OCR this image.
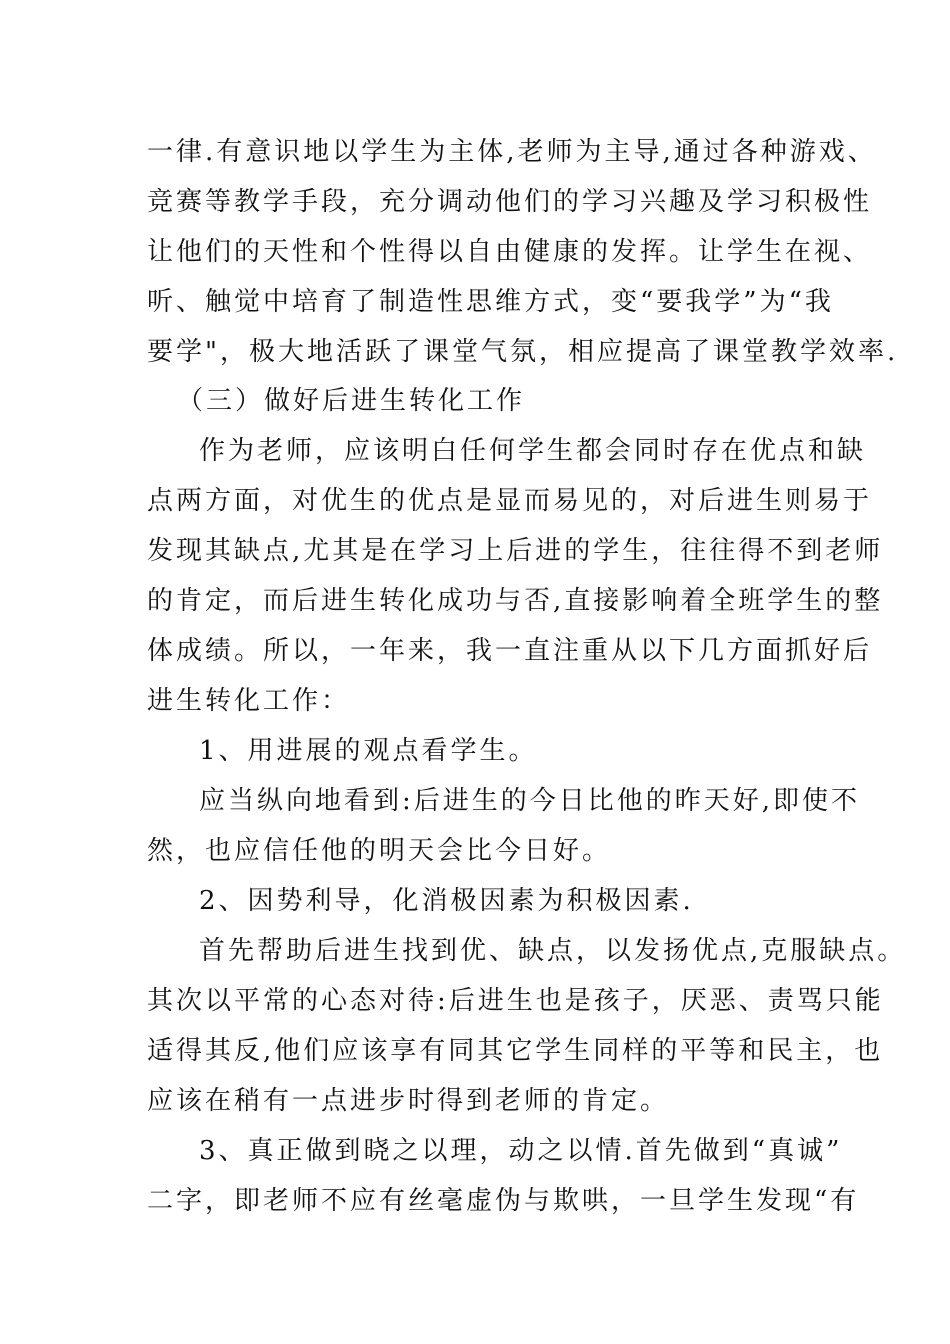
一律.有意识地以学生为主体,老师为主导,通过各种游戏、
竞赛等教学手段，充分调动他们的学习兴趣及学习积极性
让他们的天性和个性得以自由健康的发挥。让学生在视、
听、触觉中培育了制造性思维方式，变“要我学”为“我
要学"，极大地活跃了课堂气氛，相应提高了课堂教学效率.
（三）做好后进生转化工作
作为老师，应该明白任何学生都会同时存在优点和缺
点两方面，对优生的优点是显而易见的，对后进生则易于
发现其缺点,尤其是在学习上后进的学生，往往得不到老师
的肯定，而后进生转化成功与否,直接影响着全班学生的整
体成绩。所以，一年来，我一直注重从以下几方面抓好后
进生转化工作：
1、用进展的观点看学生。
应当纵向地看到:后进生的今日比他的昨天好,即使不
然，也应信任他的明天会比今日好。
2、因势利导，化消极因素为积极因素.
首先帮助后进生找到优、缺点，以发扬优点,克服缺点。
其次以平常的心态对待:后进生也是孩子，厌恶、责骂只能
适得其反,他们应该享有同其它学生同样的平等和民主，也
应该在稍有一点进步时得到老师的肯定。
3、真正做到晓之以理，动之以情.首先做到“真诚”
二字，即老师不应有丝毫虚伪与欺哄，一旦学生发现“有
